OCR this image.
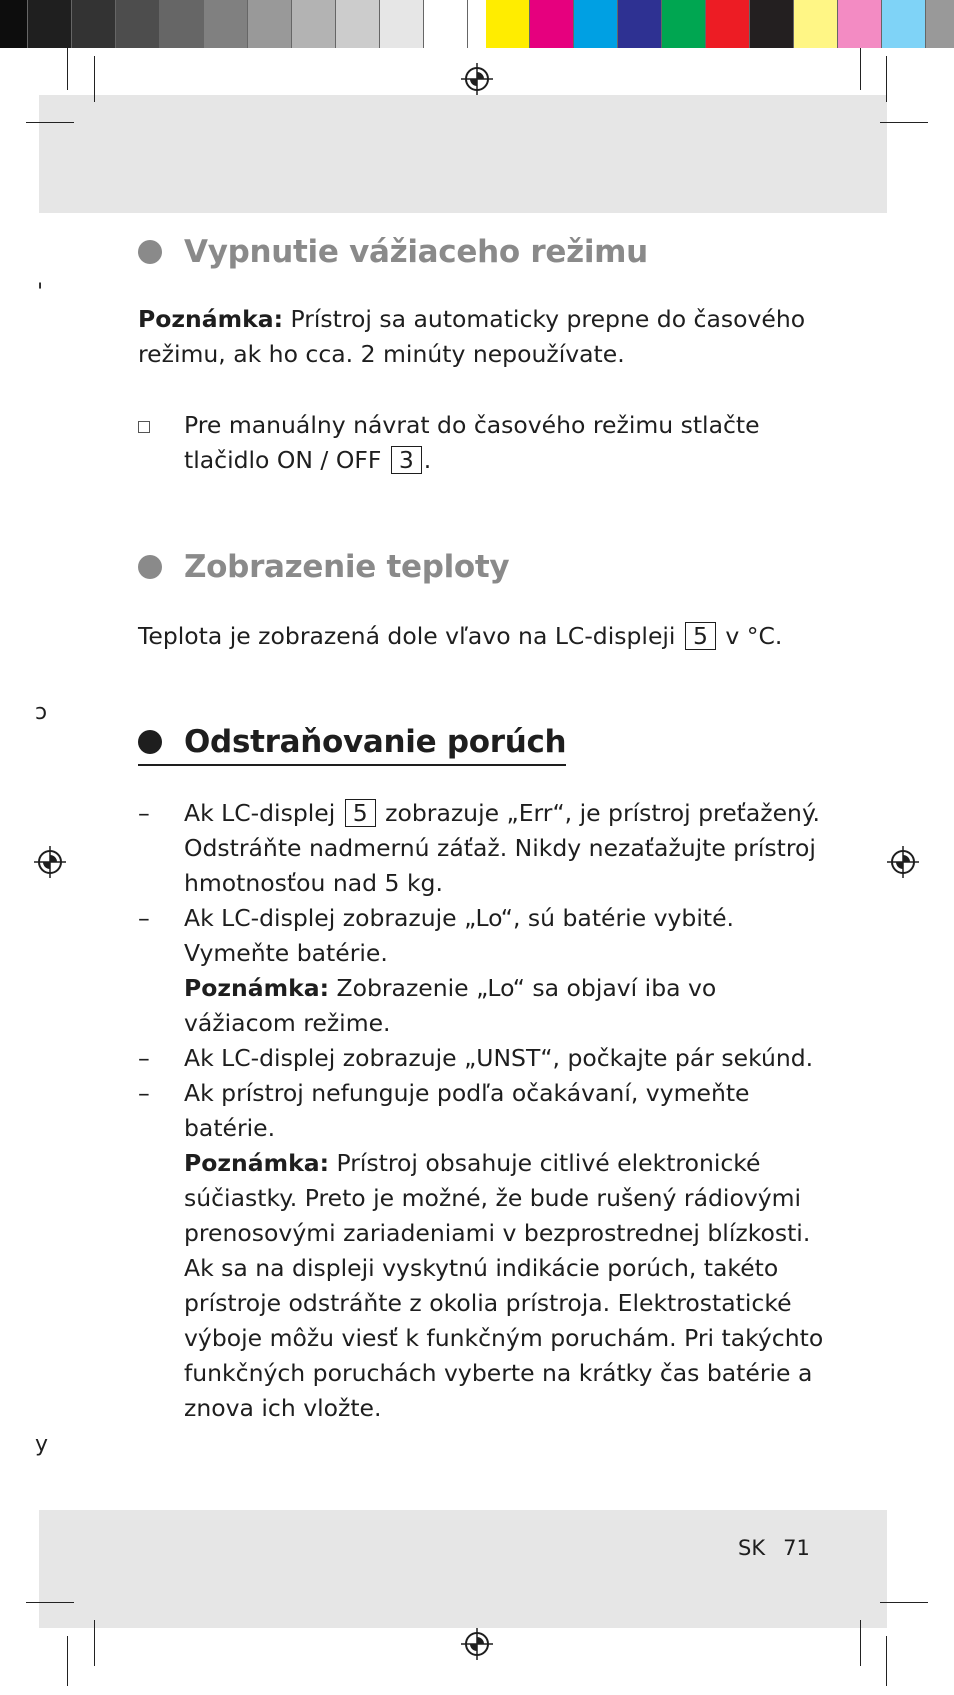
'
ɔ
y
Vypnutie vážiaceho režimu

Poznámka: Prístroj sa automaticky prepne do časového režimu, ak ho cca. 2 minúty nepoužívate.

Pre manuálny návrat do časového režimu stlačte tlačidlo ON / OFF 3 .
Zobrazenie teploty

Teplota je zobrazená dole vľavo na LC-displeji 5 v °C.

Odstraňovanie porúch
–	Ak LC-displej 5 zobrazuje „Err“, je prístroj preťažený. Odstráňte nadmernú záťaž. Nikdy nezaťažujte prístroj hmotnosťou nad 5 kg.
–	Ak LC-displej zobrazuje „Lo“, sú batérie vybité. Vymeňte batérie.
Poznámka: Zobrazenie „Lo“ sa objaví iba vo vážiacom režime.
–	Ak LC-displej zobrazuje „UNST“, počkajte pár sekúnd.
–	Ak prístroj nefunguje podľa očakávaní, vymeňte batérie.
Poznámka: Prístroj obsahuje citlivé elektronické súčiastky. Preto je možné, že bude rušený rádiovými prenosovými zariadeniami v bezprostrednej blízkosti. Ak sa na displeji vyskytnú indikácie porúch, takéto prístroje odstráňte z okolia prístroja. Elektrostatické výboje môžu viesť k funkčným poruchám. Pri takýchto funkčných poruchách vyberte na krátky čas batérie a znova ich vložte.
SK 71
